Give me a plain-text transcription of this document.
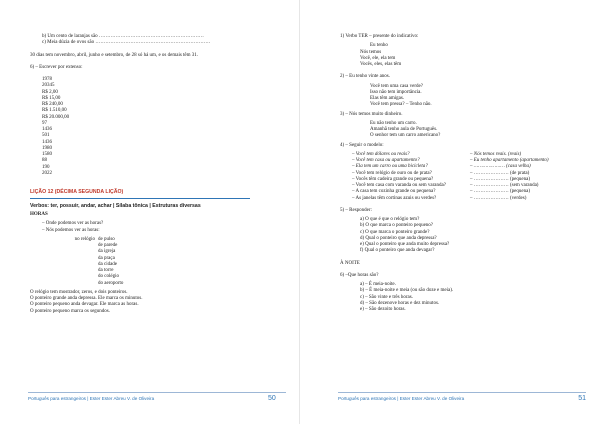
b) Um cento de laranjas são ………………………………………………………
c) Meia dúzia de ovos são ……………………………………………………………
30 dias tem novembro, abril, junho e setembro, de 28 só há um, e os demais têm 31.
6) – Escrever por extenso:
1978
20345
R$ 2,00
R$ 15,00
R$ 240,00
R$ 1.510,00
R$ 20.000,00
97
1436
501
1436
1980
1580
88
190
2022
LIÇÃO 12 (DÉCIMA SEGUNDA LIÇÃO)
Verbos: ter, possuir, andar, achar | Sílaba tônica | Estruturas diversas
HORAS
– Onde podemos ver as horas?
– Nós podemos ver as horas:
no relógio de pulso
de parede
da igreja
da praça
da cidade
da torre
do colégio
do aeroporto
O relógio tem mostrador, zeros, e dois ponteiros.
O ponteiro grande anda depressa. Ele marca os minutos.
O ponteiro pequeno anda devagar. Ele marca as horas.
O ponteiro pequeno marca os segundos.
Português para estrangeiros | Ester Ester Abreu V. de Oliveira	50
1) Verbo TER – presente do indicativo:
Eu tenho
Nós temos
Você, ele, ela tem
Vocês, eles, elas têm
2) – Eu tenho vinte anos.
Você tem uma casa verde?
Isso não tem importância.
Elas têm amigas.
Você tem pressa? – Tenho não.
3) – Nós temos muito dinheiro.
Eu não tenho um carro.
Amanhã tenho aula de Português.
O senhor tem um carro americano?
4) – Seguir o modelo:
– Você tem dólares ou reais?	– Nós temos reais. (reais)
– Você tem casa ou apartamento?	– Eu tenho apartamento (apartamento)
– Ela tem um carro ou uma bicicleta?	– ………………… (casa velha)
– Você tem relógio de ouro ou de prata?	– ………………… (de prata)
– Vocês têm cadeira grande ou pequena?	– ………………… (pequena)
– Você tem casa com varanda ou sem varanda?	– ………………… (sem varanda)
– A casa tem cozinha grande ou pequena?	– ………………… (pequena)
– As janelas têm cortinas azuis ou verdes?	– ………………… (verdes)
5) – Responder:
a) O que é que o relógio tem?
b) O que marca o ponteiro pequeno?
c) O que marca o ponteiro grande?
d) Qual o ponteiro que anda depressa?
e) Qual o ponteiro que anda muito depressa?
f) Qual o ponteiro que anda devagar?
À NOITE
6) –Que horas são?
a) – É meia-noite.
b) – É meia-noite e meia (ou são doze e meia).
c) – São vinte e três horas.
d) – São dezenove horas e dez minutos.
e) – São dezoito horas.
Português para estrangeiros | Ester Ester Abreu V. de Oliveira	51
